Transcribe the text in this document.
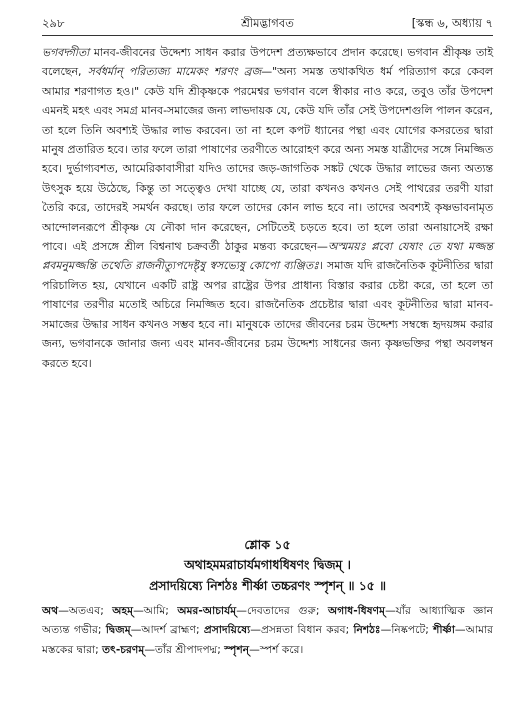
২৯৮	শ্রীমদ্ভাগবত	[স্কন্ধ ৬, অধ্যায় ৭

ভগবদ্গীতা মানব-জীবনের উদ্দেশ্য সাধন করার উপদেশ প্রত্যক্ষভাবে প্রদান করেছে। ভগবান শ্রীকৃষ্ণ তাই বলেছেন, সর্বধর্মান্ পরিত্যজ্য মামেকং শরণং ব্রজ—"অন্য সমস্ত তথাকথিত ধর্ম পরিত্যাগ করে কেবল আমার শরণাগত হও।" কেউ যদি শ্রীকৃষ্ণকে পরমেশ্বর ভগবান বলে স্বীকার নাও করে, তবুও তাঁর উপদেশ এমনই মহৎ এবং সমগ্র মানব-সমাজের জন্য লাভদায়ক যে, কেউ যদি তাঁর সেই উপদেশগুলি পালন করেন, তা হলে তিনি অবশ্যই উদ্ধার লাভ করবেন। তা না হলে কপট ধ্যানের পন্থা এবং যোগের কসরতের দ্বারা মানুষ প্রতারিত হবে। তার ফলে তারা পাষাণের তরণীতে আরোহণ করে অন্য সমস্ত যাত্রীদের সঙ্গে নিমজ্জিত হবে। দুর্ভাগ্যবশত, আমেরিকাবাসীরা যদিও তাদের জড়-জাগতিক সঙ্কট থেকে উদ্ধার লাভের জন্য অত্যন্ত উৎসুক হয়ে উঠেছে, কিন্তু তা সত্ত্বেও দেখা যাচ্ছে যে, তারা কখনও কখনও সেই পাথরের তরণী যারা তৈরি করে, তাদেরই সমর্থন করছে। তার ফলে তাদের কোন লাভ হবে না। তাদের অবশ্যই কৃষ্ণভাবনামৃত আন্দোলনরূপে শ্রীকৃষ্ণ যে নৌকা দান করেছেন, সেটিতেই চড়তে হবে। তা হলে তারা অনায়াসেই রক্ষা পাবে। এই প্রসঙ্গে শ্রীল বিশ্বনাথ চক্রবর্তী ঠাকুর মন্তব্য করেছেন—অস্মময়ঃ প্লবো যেষাং তে যথা মজ্জন্ত প্লবমনুমজ্জন্তি তথেতি রাজনীত্যুপদেষ্টৃষু স্বসভ্যেষু কোপো ব্যঞ্জিতঃ। সমাজ যদি রাজনৈতিক কূটনীতির দ্বারা পরিচালিত হয়, যেখানে একটি রাষ্ট্র অপর রাষ্ট্রের উপর প্রাধান্য বিস্তার করার চেষ্টা করে, তা হলে তা পাষাণের তরণীর মতোই অচিরে নিমজ্জিত হবে। রাজনৈতিক প্রচেষ্টার দ্বারা এবং কূটনীতির দ্বারা মানব-সমাজের উদ্ধার সাধন কখনও সম্ভব হবে না। মানুষকে তাদের জীবনের চরম উদ্দেশ্য সম্বন্ধে হৃদয়ঙ্গম করার জন্য, ভগবানকে জানার জন্য এবং মানব-জীবনের চরম উদ্দেশ্য সাধনের জন্য কৃষ্ণভক্তির পন্থা অবলম্বন করতে হবে।

শ্লোক ১৫
অথাহমমরাচার্যমগাধধিষণং দ্বিজম্ ।
প্রসাদয়িষ্যে নিশঠঃ শীর্ষ্ণা তচ্চরণং স্পৃশন্ ॥ ১৫ ॥

অথ—অতএব; অহম্—আমি; অমর-আচার্যম্—দেবতাদের গুরু; অগাধ-ধিষণম্—যাঁর আধ্যাত্মিক জ্ঞান অত্যন্ত গভীর; দ্বিজম্—আদর্শ ব্রাহ্মণ; প্রসাদয়িষ্যে—প্রসন্নতা বিধান করব; নিশঠঃ—নিষ্কপটে; শীর্ষ্ণা—আমার মস্তকের দ্বারা; তৎ-চরণম্—তাঁর শ্রীপাদপদ্ম; স্পৃশন্—স্পর্শ করে।
